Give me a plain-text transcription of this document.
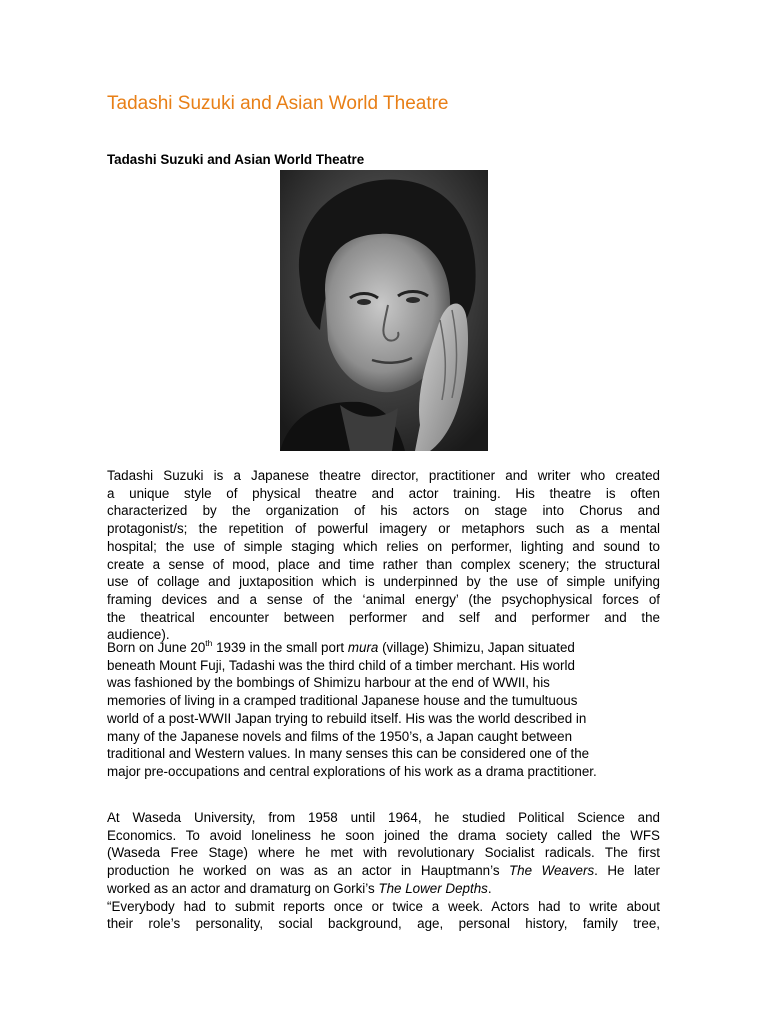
Tadashi Suzuki and Asian World Theatre
Tadashi Suzuki and Asian World Theatre
Tadashi Suzuki is a Japanese theatre director, practitioner and writer who created
a unique style of physical theatre and actor training. His theatre is often
characterized by the organization of his actors on stage into Chorus and
protagonist/s; the repetition of powerful imagery or metaphors such as a mental
hospital; the use of simple staging which relies on performer, lighting and sound to
create a sense of mood, place and time rather than complex scenery; the structural
use of collage and juxtaposition which is underpinned by the use of simple unifying
framing devices and a sense of the ‘animal energy’ (the psychophysical forces of
the theatrical encounter between performer and self and performer and the
audience).
Born on June 20th 1939 in the small port mura (village) Shimizu, Japan situated
beneath Mount Fuji, Tadashi was the third child of a timber merchant. His world
was fashioned by the bombings of Shimizu harbour at the end of WWII, his
memories of living in a cramped traditional Japanese house and the tumultuous
world of a post-WWII Japan trying to rebuild itself. His was the world described in
many of the Japanese novels and films of the 1950’s, a Japan caught between
traditional and Western values. In many senses this can be considered one of the
major pre-occupations and central explorations of his work as a drama practitioner.
At Waseda University, from 1958 until 1964, he studied Political Science and
Economics. To avoid loneliness he soon joined the drama society called the WFS
(Waseda Free Stage) where he met with revolutionary Socialist radicals. The first
production he worked on was as an actor in Hauptmann’s The Weavers. He later
worked as an actor and dramaturg on Gorki’s The Lower Depths.
“Everybody had to submit reports once or twice a week. Actors had to write about
their role’s personality, social background, age, personal history, family tree,
